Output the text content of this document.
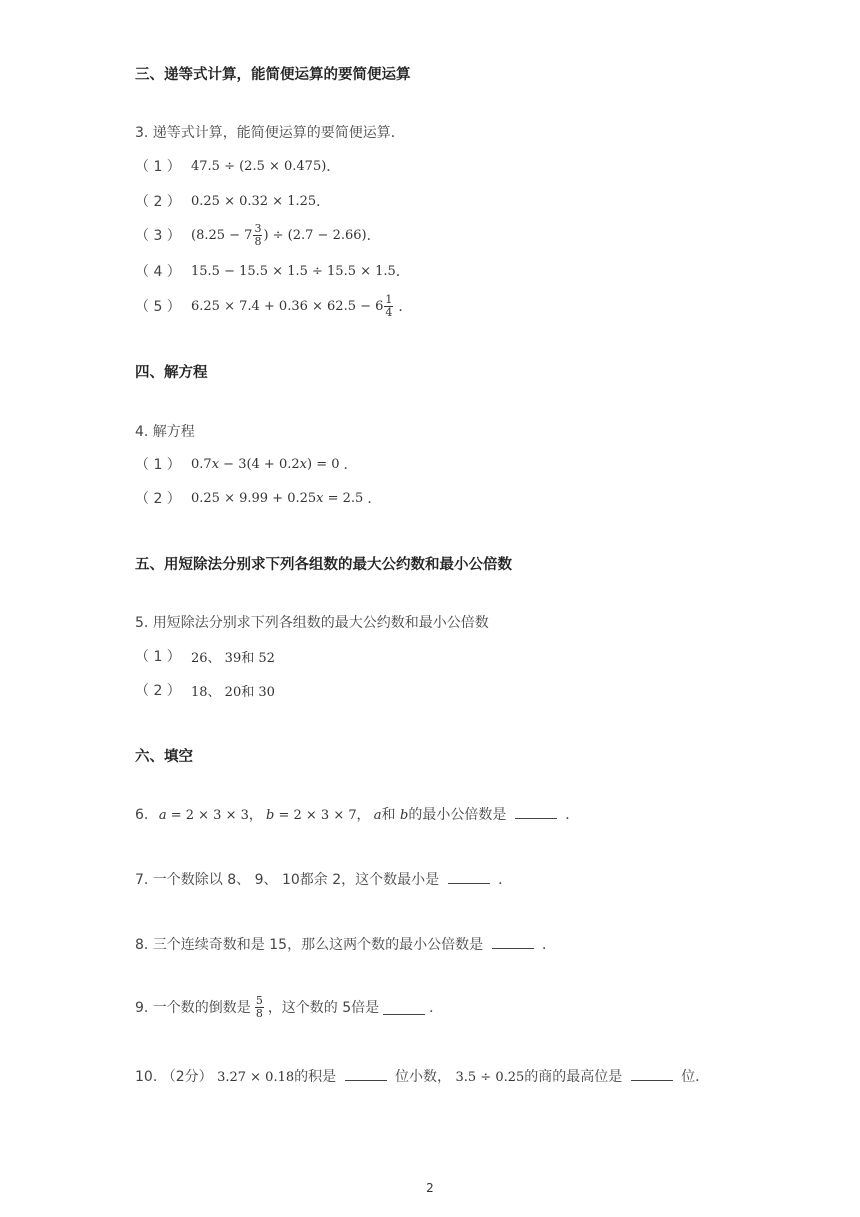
三、递等式计算，能简便运算的要简便运算
3. 递等式计算，能简便运算的要简便运算．
（ 1 ） 47.5 ÷ (2.5 × 0.475) ．
（ 2 ） 0.25 × 0.32 × 1.25 ．
（ 3 ） ($8.25 - 7 \frac{3}{8}$ ) ÷ (2.7 − 2.66) ．
（ 4 ） 15.5 − 15.5 × 1.5 ÷ 15.5 × 1.5 ．
（ 5 ） $6.25 \times 7.4 + 0.36 \times 62.5 - 6 \frac{1}{4}$ ．
四、解方程
4. 解方程
（ 1 ） 0.7x − 3(4 + 0.2x) = 0 ．
（ 2 ） 0.25 × 9.99 + 0.25x = 2.5 ．
五、用短除法分别求下列各组数的最大公约数和最小公倍数
5. 用短除法分别求下列各组数的最大公约数和最小公倍数
（ 1 ） 26、 39和 52
（ 2 ） 18、 20和 30
六、填空
6. a = 2 × 3 × 3， b = 2 × 3 × 7， a和 b的最小公倍数是	．
7. 一个数除以 8、 9、 10都余 2，这个数最小是	．
8. 三个连续奇数和是 15，那么这两个数的最小公倍数是	．
9. 一个数的倒数是 $\frac{5}{8}$ ，这个数的 5倍是	．
10. （2分） 3.27 × 0.18的积是	位小数， 3.5 ÷ 0.25的商的最高位是	位．
2
